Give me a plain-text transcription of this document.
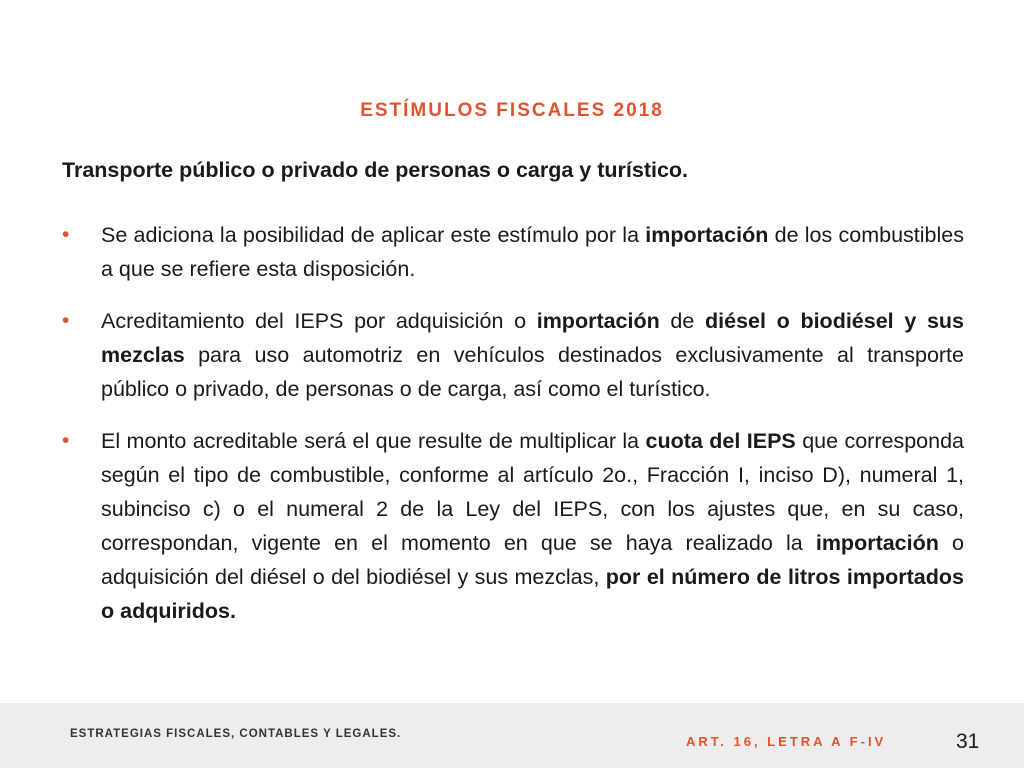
ESTÍMULOS FISCALES 2018
Transporte público o privado de personas o carga y turístico.
• Se adiciona la posibilidad de aplicar este estímulo por la importación de los combustibles a que se refiere esta disposición.
• Acreditamiento del IEPS por adquisición o importación de diésel o biodiésel y sus mezclas para uso automotriz en vehículos destinados exclusivamente al transporte público o privado, de personas o de carga, así como el turístico.
• El monto acreditable será el que resulte de multiplicar la cuota del IEPS que corresponda según el tipo de combustible, conforme al artículo 2o., Fracción I, inciso D), numeral 1, subinciso c) o el numeral 2 de la Ley del IEPS, con los ajustes que, en su caso, correspondan, vigente en el momento en que se haya realizado la importación o adquisición del diésel o del biodiésel y sus mezclas, por el número de litros importados o adquiridos.
ESTRATEGIAS FISCALES, CONTABLES Y LEGALES.	ART. 16, LETRA A F-IV	31
